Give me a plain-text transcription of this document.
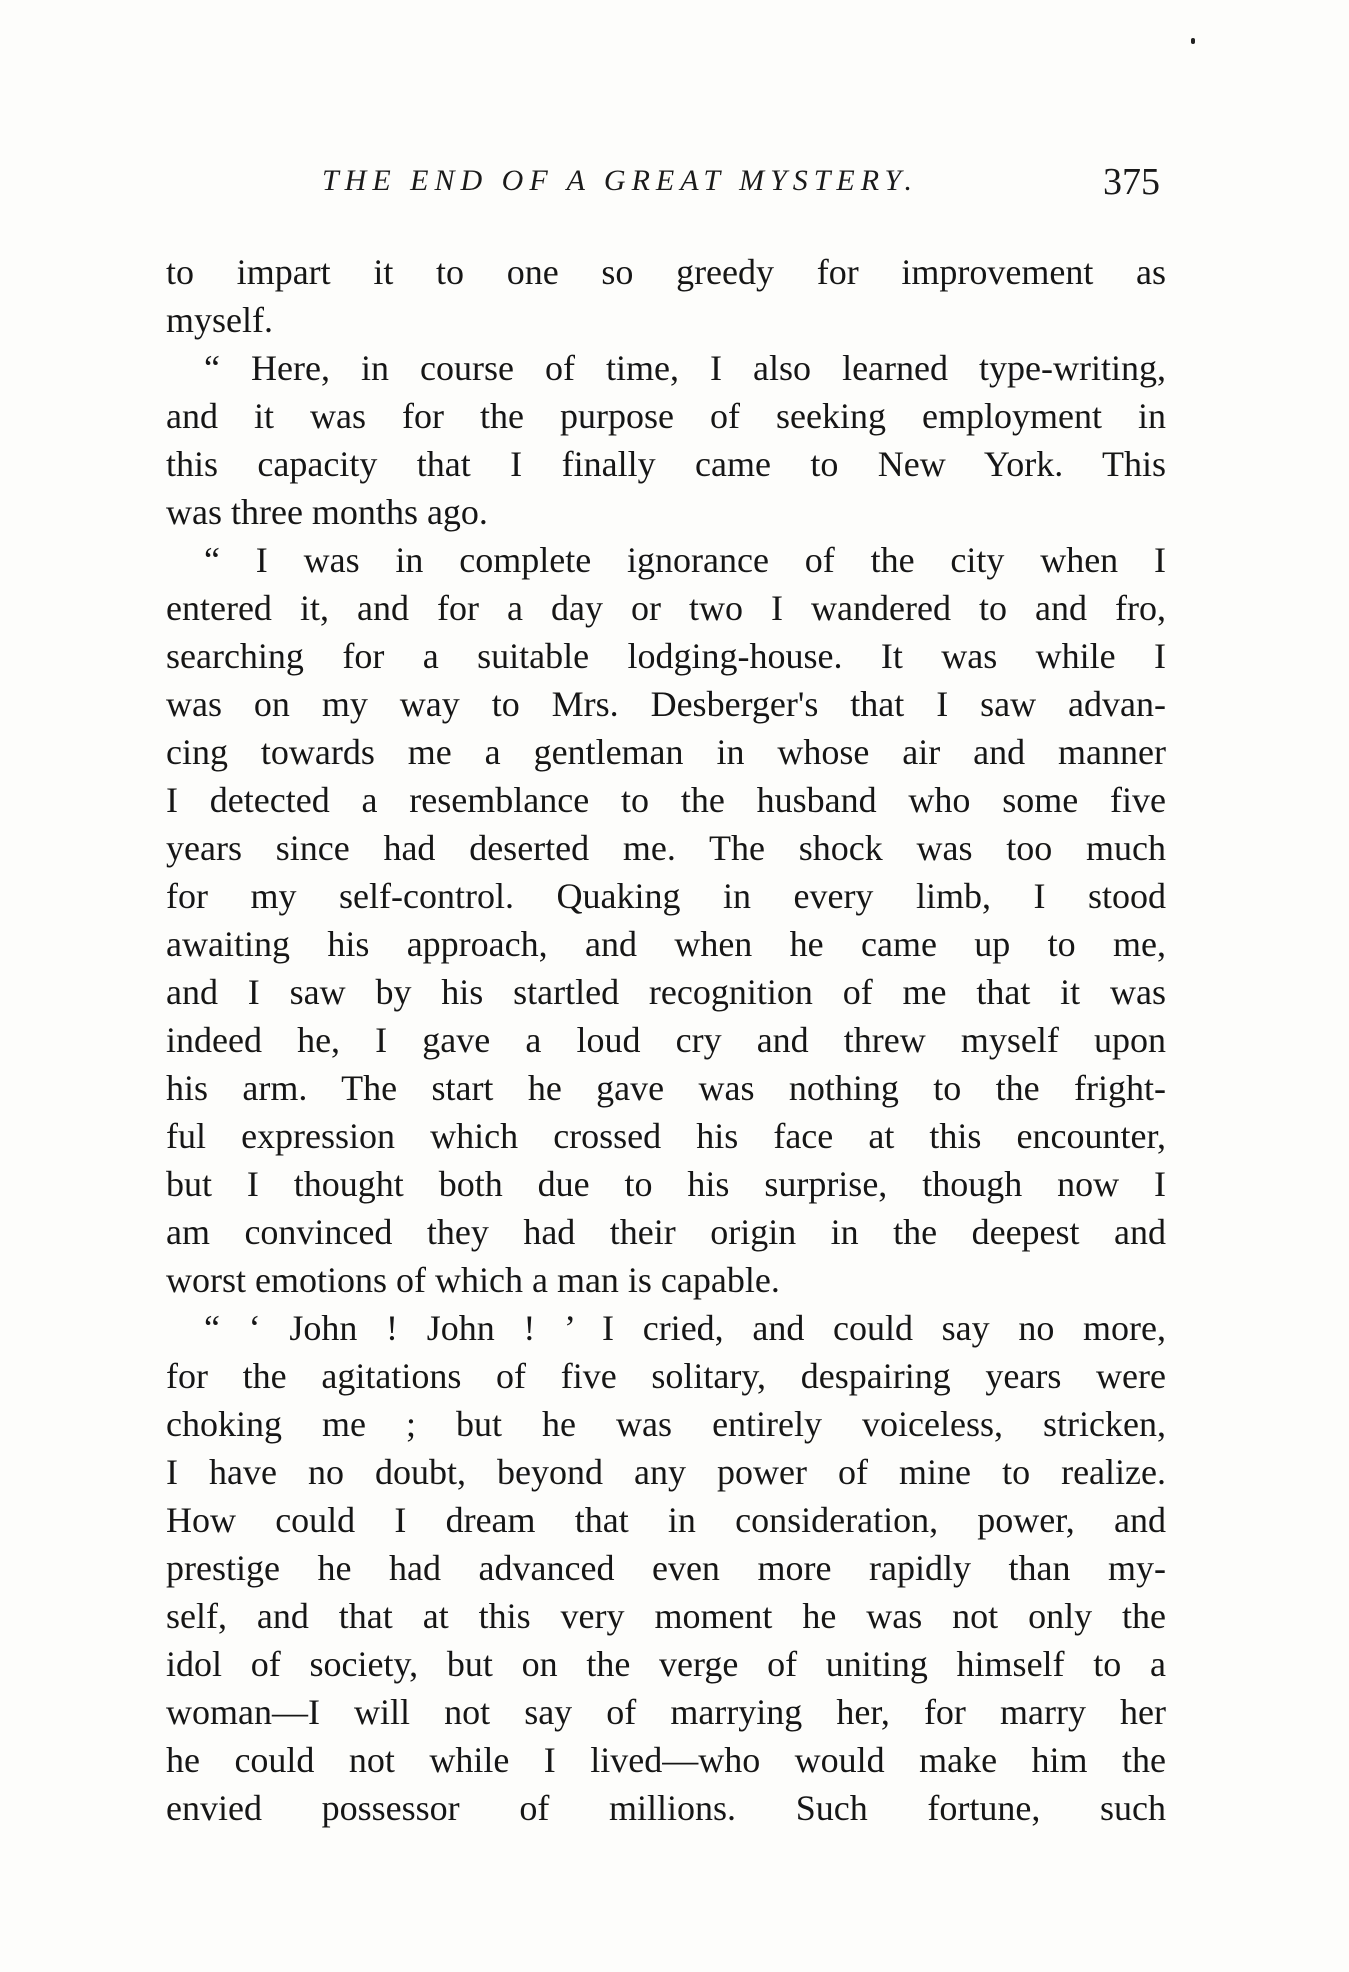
THE END OF A GREAT MYSTERY.	375
to impart it to one so greedy for improvement as
myself.
“ Here, in course of time, I also learned type-writing,
and it was for the purpose of seeking employment in
this capacity that I finally came to New York. This
was three months ago.
“ I was in complete ignorance of the city when I
entered it, and for a day or two I wandered to and fro,
searching for a suitable lodging-house. It was while I
was on my way to Mrs. Desberger's that I saw advan-
cing towards me a gentleman in whose air and manner
I detected a resemblance to the husband who some five
years since had deserted me. The shock was too much
for my self-control. Quaking in every limb, I stood
awaiting his approach, and when he came up to me,
and I saw by his startled recognition of me that it was
indeed he, I gave a loud cry and threw myself upon
his arm. The start he gave was nothing to the fright-
ful expression which crossed his face at this encounter,
but I thought both due to his surprise, though now I
am convinced they had their origin in the deepest and
worst emotions of which a man is capable.
“ ‘ John ! John ! ’ I cried, and could say no more,
for the agitations of five solitary, despairing years were
choking me ; but he was entirely voiceless, stricken,
I have no doubt, beyond any power of mine to realize.
How could I dream that in consideration, power, and
prestige he had advanced even more rapidly than my-
self, and that at this very moment he was not only the
idol of society, but on the verge of uniting himself to a
woman—I will not say of marrying her, for marry her
he could not while I lived—who would make him the
envied possessor of millions. Such fortune, such
